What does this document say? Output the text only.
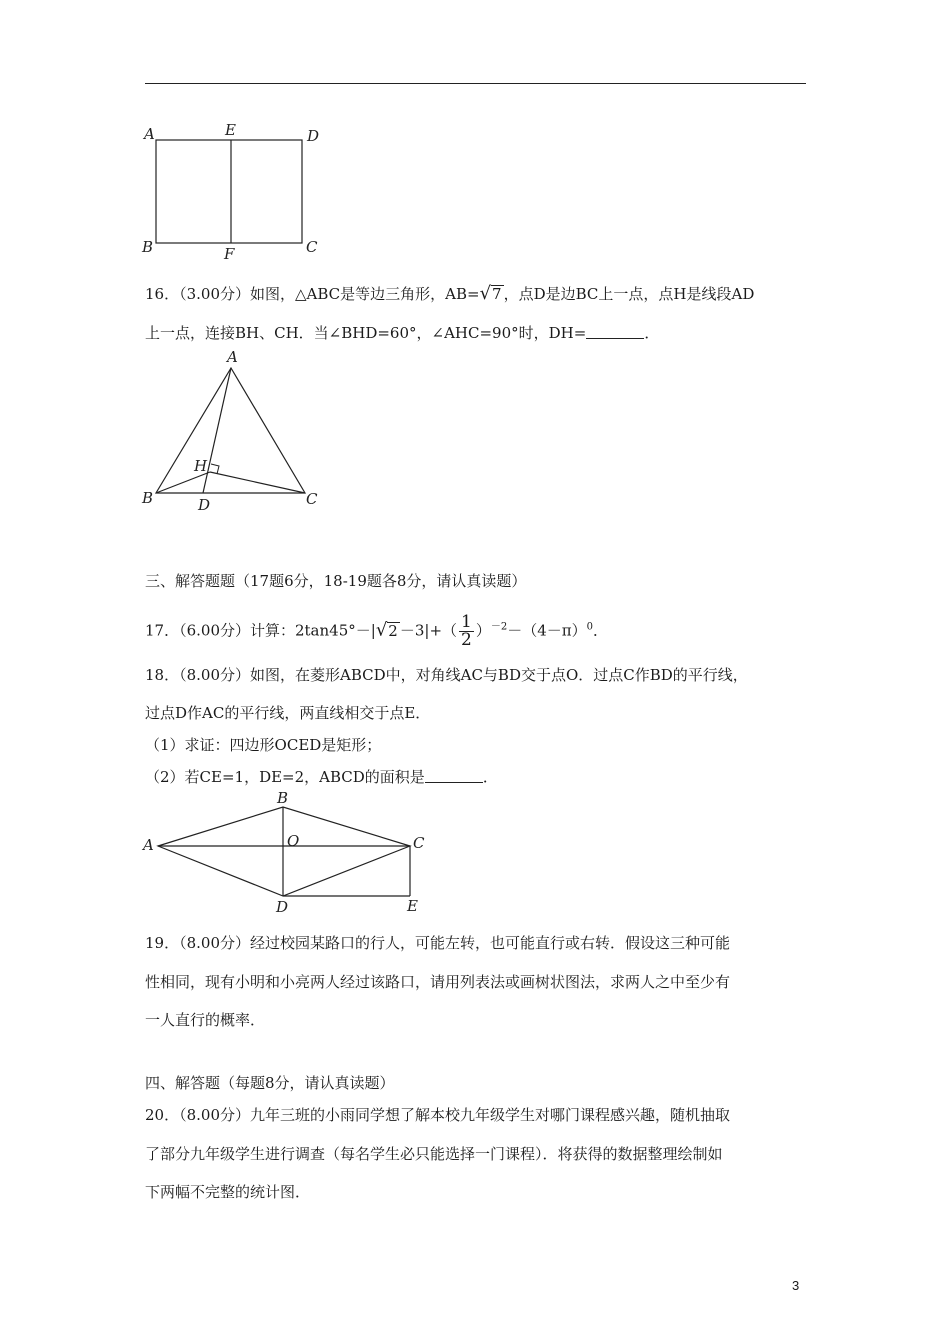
A	E	D
B	F	C
16．（3.00分）如图，△ABC是等边三角形，AB=√7 ，点D是边BC上一点，点H是线段AD
上一点，连接BH、CH．当∠BHD=60°，∠AHC=90°时，DH=	．
A
H
B	D	C
三、解答题题（17题6分，18-19题各8分，请认真读题）
17．（6.00分）计算：$2\tan 45^\circ-|√2 -3|+( \frac{1}{2} )^{-2}-(4-\pi)^0$．
18．（8.00分）如图，在菱形ABCD中，对角线AC与BD交于点O．过点C作BD的平行线，
过点D作AC的平行线，两直线相交于点E．
（1）求证：四边形OCED是矩形；
（2）若CE=1，DE=2，ABCD的面积是	．
A
B
O	C
D	E
19．（8.00分）经过校园某路口的行人，可能左转，也可能直行或右转．假设这三种可能
性相同，现有小明和小亮两人经过该路口，请用列表法或画树状图法，求两人之中至少有
一人直行的概率．
四、解答题（每题8分，请认真读题）
20．（8.00分）九年三班的小雨同学想了解本校九年级学生对哪门课程感兴趣，随机抽取
了部分九年级学生进行调查（每名学生必只能选择一门课程）．将获得的数据整理绘制如
下两幅不完整的统计图．
3
